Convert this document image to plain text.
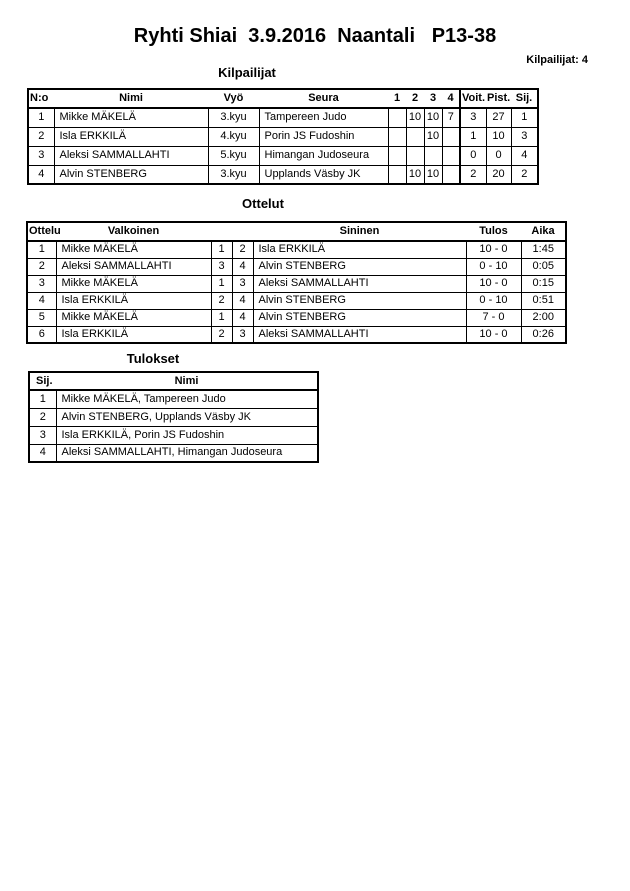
Ryhti Shiai  3.9.2016  Naantali   P13-38
Kilpailijat: 4
Kilpailijat
N:o	Nimi	Vyö	Seura	1	2	3	4	Voit.	Pist.	Sij.
1	Mikke MÄKELÄ	3.kyu	Tampereen Judo		10	10	7	3	27	1
2	Isla ERKKILÄ	4.kyu	Porin JS Fudoshin			10		1	10	3
3	Aleksi SAMMALLAHTI	5.kyu	Himangan Judoseura					0	0	4
4	Alvin STENBERG	3.kyu	Upplands Väsby JK		10	10		2	20	2
Ottelut
Ottelu	Valkoinen			Sininen	Tulos	Aika
1	Mikke MÄKELÄ	1	2	Isla ERKKILÄ	10 - 0	1:45
2	Aleksi SAMMALLAHTI	3	4	Alvin STENBERG	0 - 10	0:05
3	Mikke MÄKELÄ	1	3	Aleksi SAMMALLAHTI	10 - 0	0:15
4	Isla ERKKILÄ	2	4	Alvin STENBERG	0 - 10	0:51
5	Mikke MÄKELÄ	1	4	Alvin STENBERG	7 - 0	2:00
6	Isla ERKKILÄ	2	3	Aleksi SAMMALLAHTI	10 - 0	0:26
Tulokset
Sij.	Nimi
1	Mikke MÄKELÄ, Tampereen Judo
2	Alvin STENBERG, Upplands Väsby JK
3	Isla ERKKILÄ, Porin JS Fudoshin
4	Aleksi SAMMALLAHTI, Himangan Judoseura
